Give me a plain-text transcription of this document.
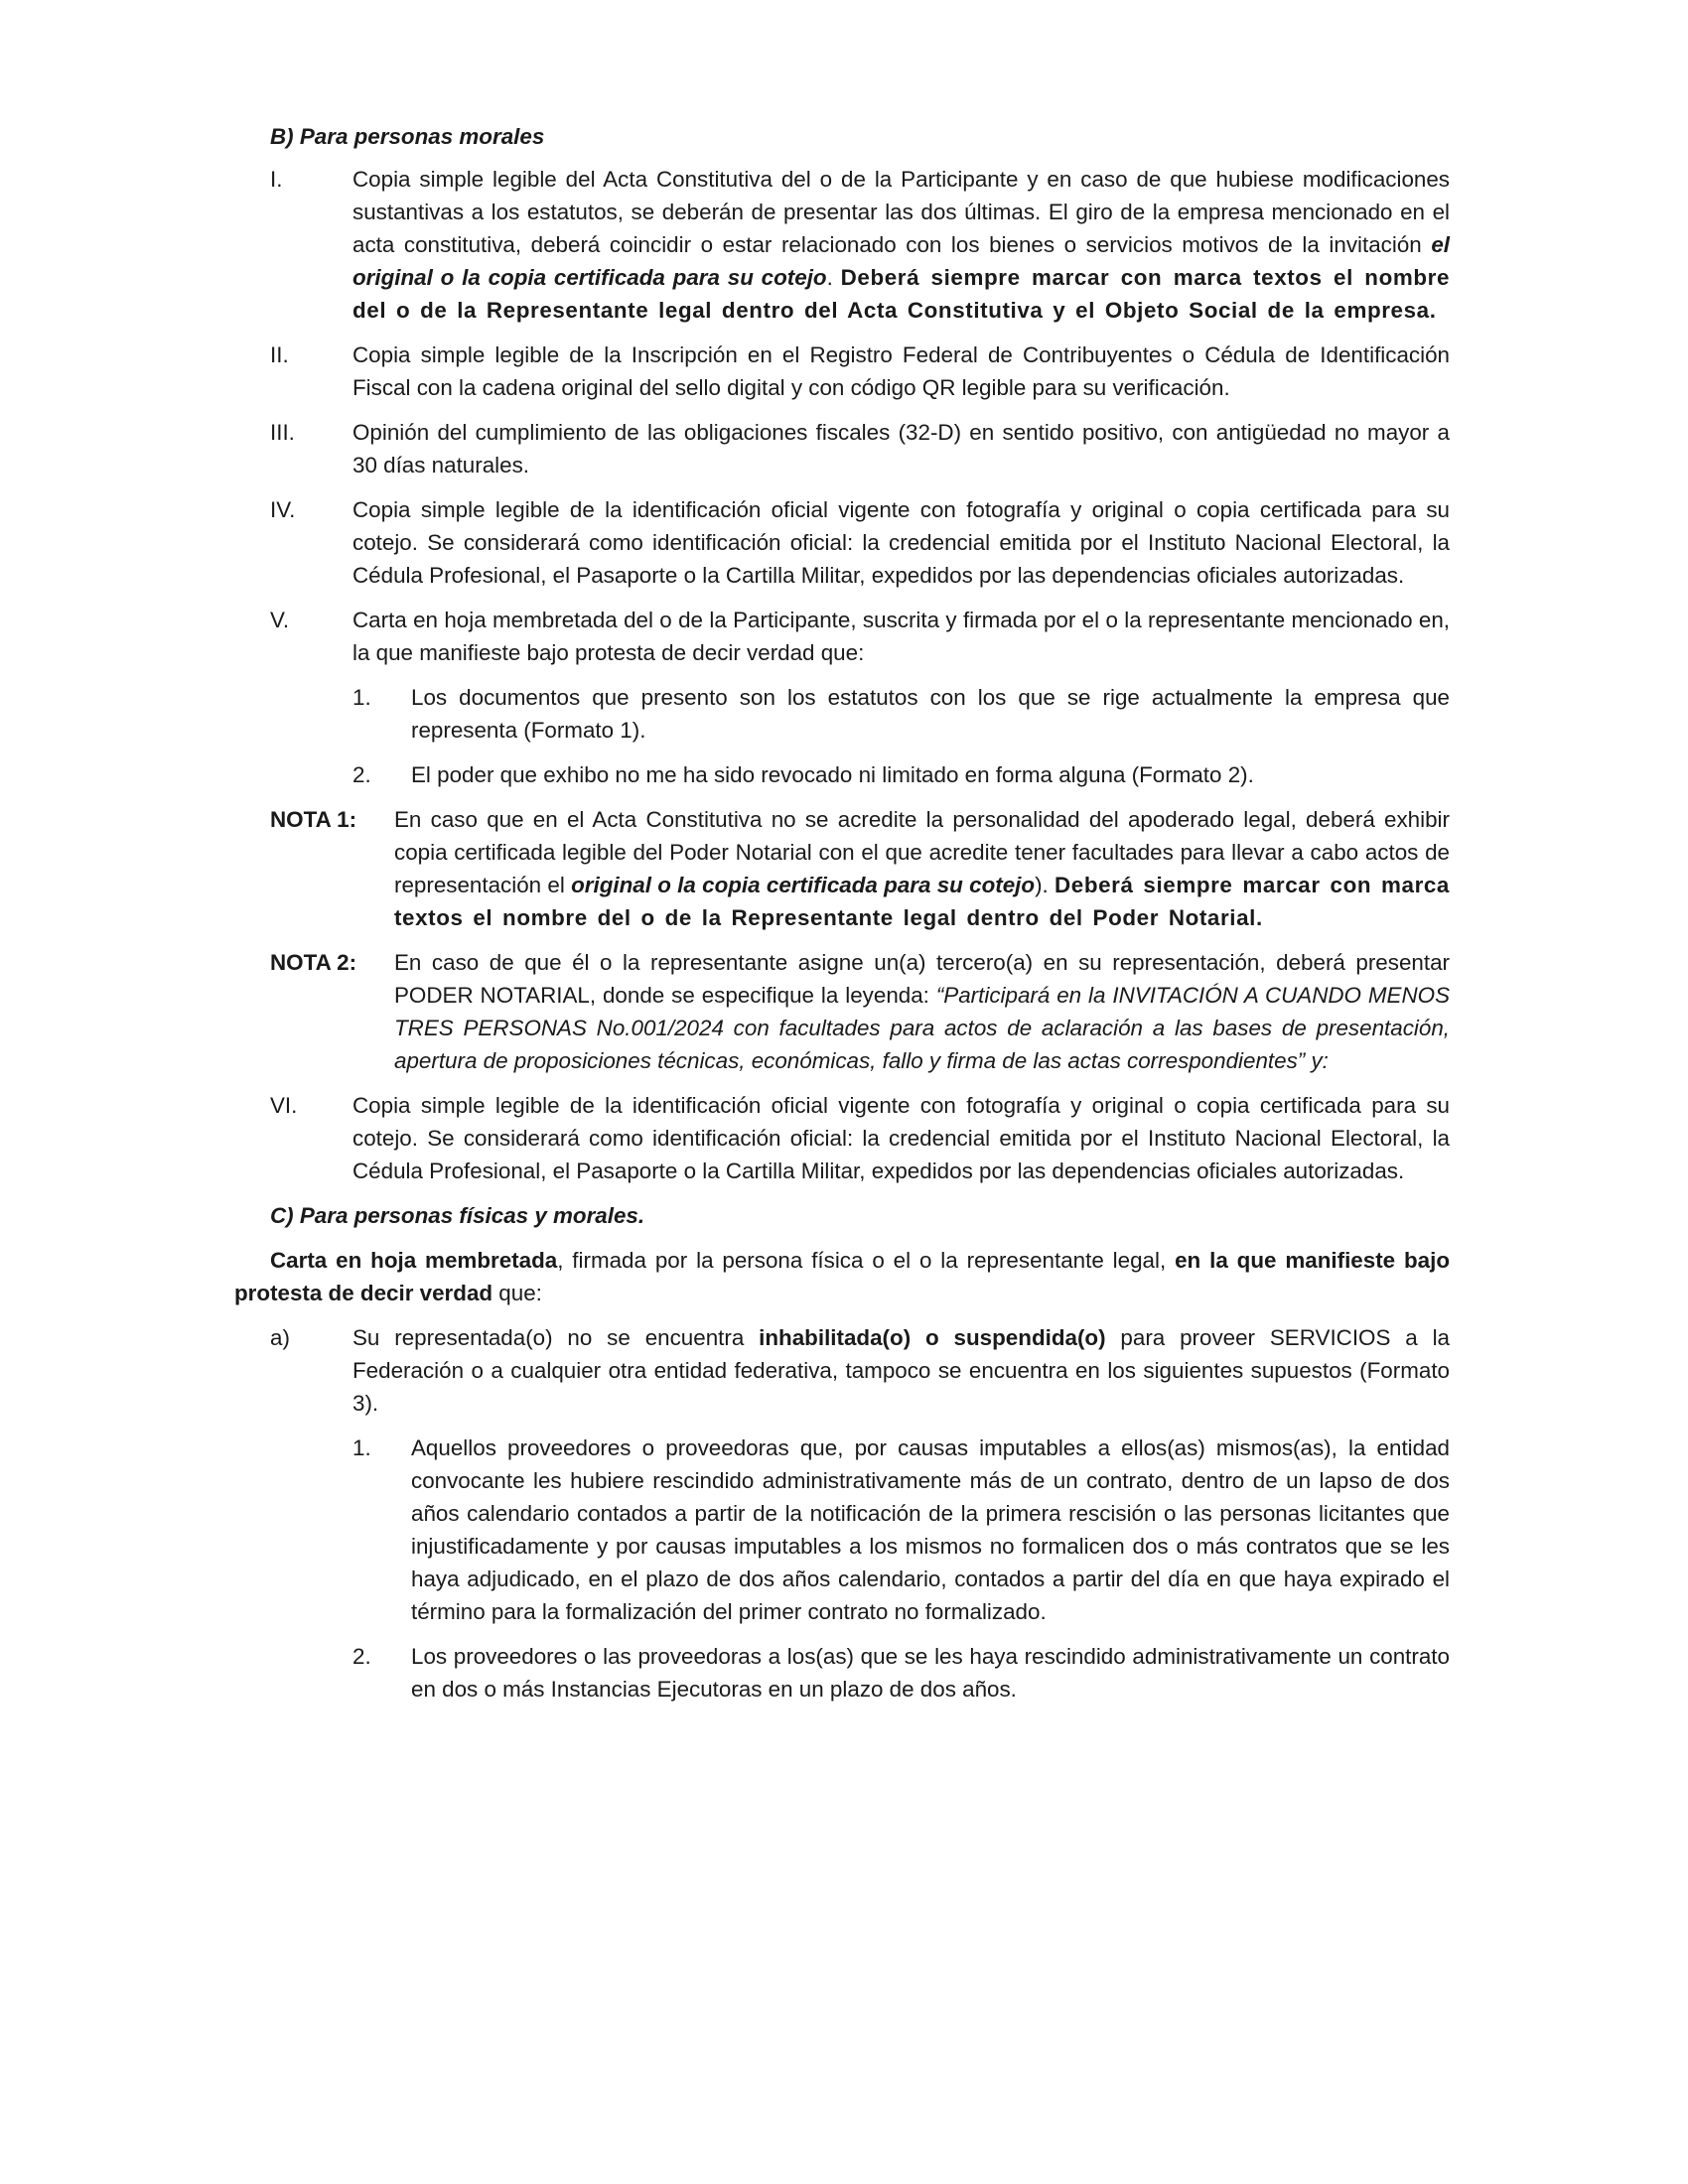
B) Para personas morales

I.	Copia simple legible del Acta Constitutiva del o de la Participante y en caso de que hubiese modificaciones sustantivas a los estatutos, se deberán de presentar las dos últimas. El giro de la empresa mencionado en el acta constitutiva, deberá coincidir o estar relacionado con los bienes o servicios motivos de la invitación el original o la copia certificada para su cotejo. Deberá siempre marcar con marca textos el nombre del o de la Representante legal dentro del Acta Constitutiva y el Objeto Social de la empresa.
II.	Copia simple legible de la Inscripción en el Registro Federal de Contribuyentes o Cédula de Identificación Fiscal con la cadena original del sello digital y con código QR legible para su verificación.
III.	Opinión del cumplimiento de las obligaciones fiscales (32-D) en sentido positivo, con antigüedad no mayor a 30 días naturales.
IV.	Copia simple legible de la identificación oficial vigente con fotografía y original o copia certificada para su cotejo. Se considerará como identificación oficial: la credencial emitida por el Instituto Nacional Electoral, la Cédula Profesional, el Pasaporte o la Cartilla Militar, expedidos por las dependencias oficiales autorizadas.
V.	Carta en hoja membretada del o de la Participante, suscrita y firmada por el o la representante mencionado en, la que manifieste bajo protesta de decir verdad que:
1. Los documentos que presento son los estatutos con los que se rige actualmente la empresa que representa (Formato 1).
2. El poder que exhibo no me ha sido revocado ni limitado en forma alguna (Formato 2).
NOTA 1: En caso que en el Acta Constitutiva no se acredite la personalidad del apoderado legal, deberá exhibir copia certificada legible del Poder Notarial con el que acredite tener facultades para llevar a cabo actos de representación el original o la copia certificada para su cotejo). Deberá siempre marcar con marca textos el nombre del o de la Representante legal dentro del Poder Notarial.
NOTA 2: En caso de que él o la representante asigne un(a) tercero(a) en su representación, deberá presentar PODER NOTARIAL, donde se especifique la leyenda: “Participará en la INVITACIÓN A CUANDO MENOS TRES PERSONAS No.001/2024 con facultades para actos de aclaración a las bases de presentación, apertura de proposiciones técnicas, económicas, fallo y firma de las actas correspondientes” y:
VI. Copia simple legible de la identificación oficial vigente con fotografía y original o copia certificada para su cotejo. Se considerará como identificación oficial: la credencial emitida por el Instituto Nacional Electoral, la Cédula Profesional, el Pasaporte o la Cartilla Militar, expedidos por las dependencias oficiales autorizadas.

C) Para personas físicas y morales.

Carta en hoja membretada, firmada por la persona física o el o la representante legal, en la que manifieste bajo protesta de decir verdad que:

a)	Su representada(o) no se encuentra inhabilitada(o) o suspendida(o) para proveer SERVICIOS a la Federación o a cualquier otra entidad federativa, tampoco se encuentra en los siguientes supuestos (Formato 3).
1. Aquellos proveedores o proveedoras que, por causas imputables a ellos(as) mismos(as), la entidad convocante les hubiere rescindido administrativamente más de un contrato, dentro de un lapso de dos años calendario contados a partir de la notificación de la primera rescisión o las personas licitantes que injustificadamente y por causas imputables a los mismos no formalicen dos o más contratos que se les haya adjudicado, en el plazo de dos años calendario, contados a partir del día en que haya expirado el término para la formalización del primer contrato no formalizado.
2. Los proveedores o las proveedoras a los(as) que se les haya rescindido administrativamente un contrato en dos o más Instancias Ejecutoras en un plazo de dos años.
